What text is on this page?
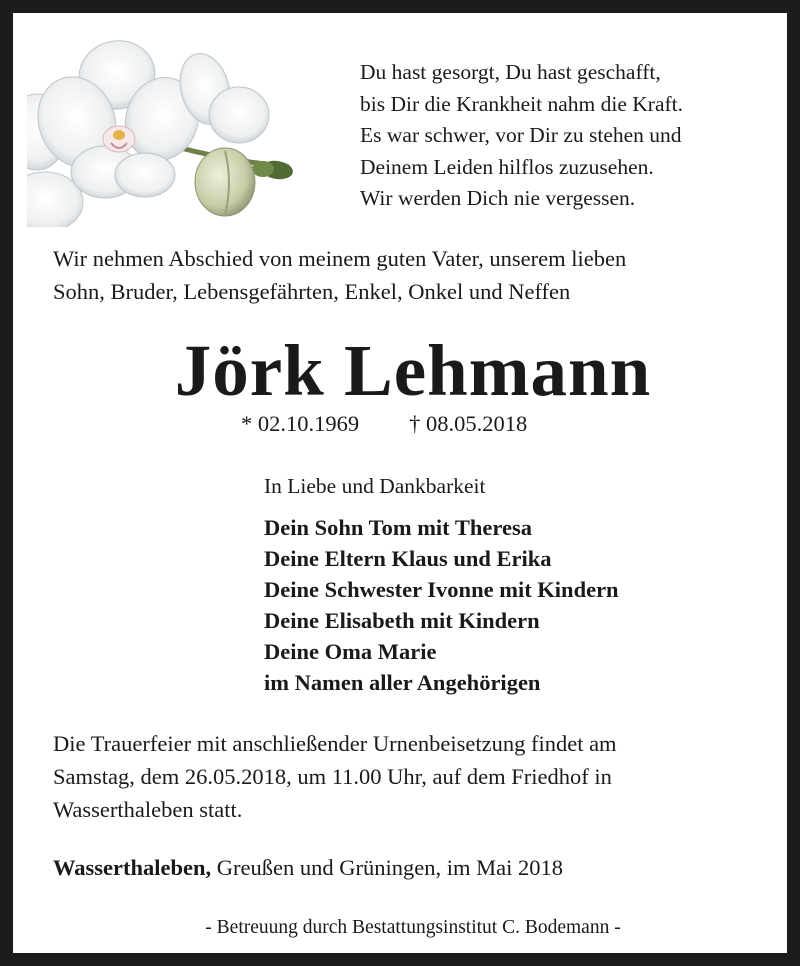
Du hast gesorgt, Du hast geschafft,
bis Dir die Krankheit nahm die Kraft.
Es war schwer, vor Dir zu stehen und
Deinem Leiden hilflos zuzusehen.
Wir werden Dich nie vergessen.
Wir nehmen Abschied von meinem guten Vater, unserem lieben
Sohn, Bruder, Lebensgefährten, Enkel, Onkel und Neffen
Jörk Lehmann
* 02.10.1969 † 08.05.2018
In Liebe und Dankbarkeit
Dein Sohn Tom mit Theresa
Deine Eltern Klaus und Erika
Deine Schwester Ivonne mit Kindern
Deine Elisabeth mit Kindern
Deine Oma Marie
im Namen aller Angehörigen
Die Trauerfeier mit anschließender Urnenbeisetzung findet am
Samstag, dem 26.05.2018, um 11.00 Uhr, auf dem Friedhof in
Wasserthaleben statt.
Wasserthaleben, Greußen und Grüningen, im Mai 2018
- Betreuung durch Bestattungsinstitut C. Bodemann -
